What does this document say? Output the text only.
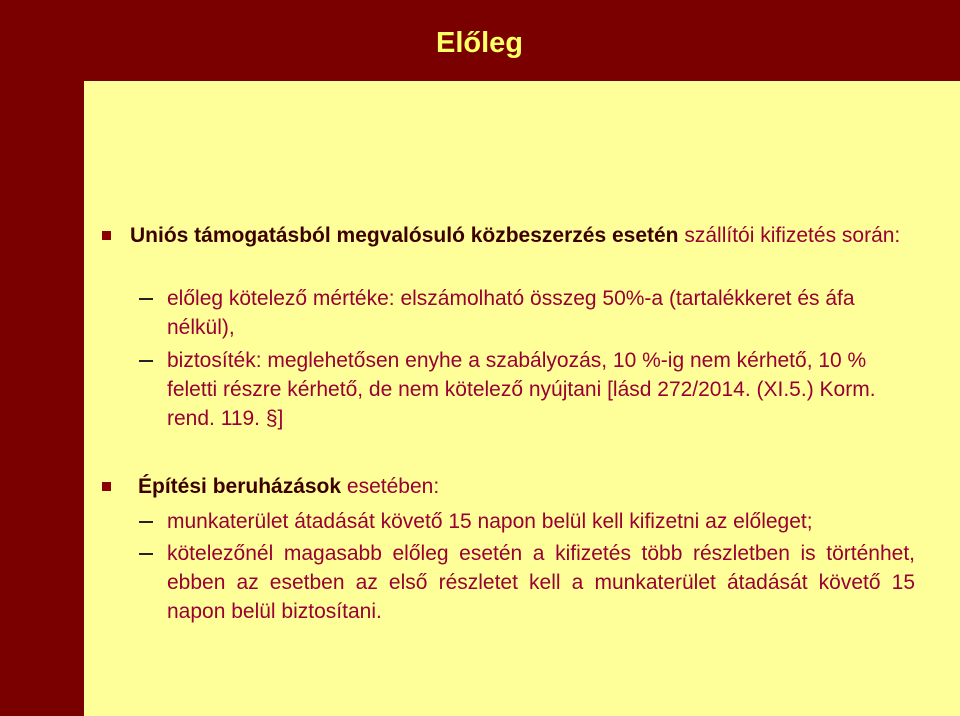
Előleg

Uniós támogatásból megvalósuló közbeszerzés esetén szállítói kifizetés során:

előleg kötelező mértéke: elszámolható összeg 50%-a (tartalékkeret és áfa nélkül),

biztosíték: meglehetősen enyhe a szabályozás, 10 %-ig nem kérhető, 10 % feletti részre kérhető, de nem kötelező nyújtani [lásd 272/2014. (XI.5.) Korm. rend. 119. §]

Építési beruházások esetében:

munkaterület átadását követő 15 napon belül kell kifizetni az előleget;

kötelezőnél magasabb előleg esetén a kifizetés több részletben is történhet, ebben az esetben az első részletet kell a munkaterület átadását követő 15 napon belül biztosítani.
